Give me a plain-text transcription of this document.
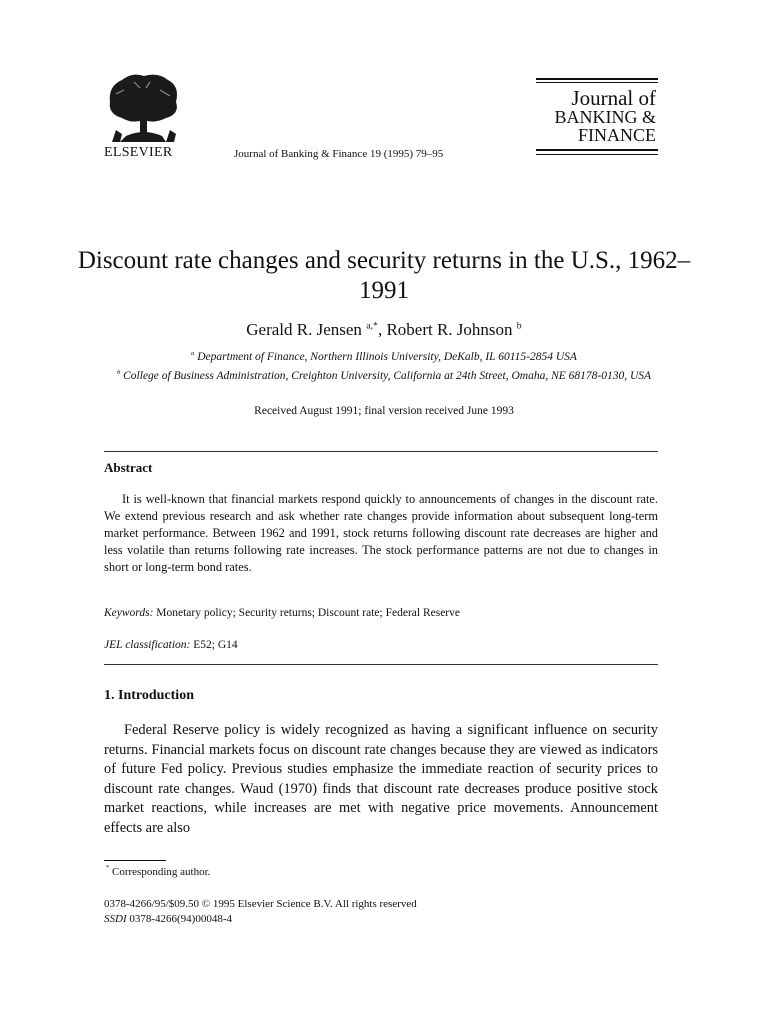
ELSEVIER	Journal of Banking & Finance 19 (1995) 79–95
Journal of
BANKING &
FINANCE
Discount rate changes and security returns in the U.S., 1962–1991
Gerald R. Jensen $^{a,*}$, Robert R. Johnson $^b$
$^a$ Department of Finance, Northern Illinois University, DeKalb, IL 60115-2854 USA
$^b$ College of Business Administration, Creighton University, California at 24th Street, Omaha, NE 68178-0130, USA
Received August 1991; final version received June 1993
Abstract
It is well-known that financial markets respond quickly to announcements of changes in the discount rate. We extend previous research and ask whether rate changes provide information about subsequent long-term market performance. Between 1962 and 1991, stock returns following discount rate decreases are higher and less volatile than returns following rate increases. The stock performance patterns are not due to changes in short or long-term bond rates.
Keywords: Monetary policy; Security returns; Discount rate; Federal Reserve
JEL classification: E52; G14
1. Introduction
Federal Reserve policy is widely recognized as having a significant influence on security returns. Financial markets focus on discount rate changes because they are viewed as indicators of future Fed policy. Previous studies emphasize the immediate reaction of security prices to discount rate changes. Waud (1970) finds that discount rate decreases produce positive stock market reactions, while increases are met with negative price movements. Announcement effects are also
* Corresponding author.
0378-4266/95/$09.50 © 1995 Elsevier Science B.V. All rights reserved
SSDI 0378-4266(94)00048-4
